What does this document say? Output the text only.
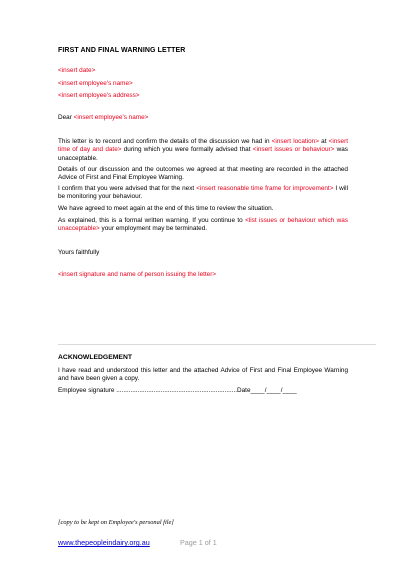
FIRST AND FINAL WARNING LETTER
<insert date>
<insert employee's name>
<insert employee's address>
Dear <insert employee's name>
This letter is to record and confirm the details of the discussion we had in <insert location> at <insert time of day and date> during which you were formally advised that <insert issues or behaviour> was unacceptable.
Details of our discussion and the outcomes we agreed at that meeting are recorded in the attached Advice of First and Final Employee Warning.
I confirm that you were advised that for the next <insert reasonable time frame for improvement> I will be monitoring your behaviour.
We have agreed to meet again at the end of this time to review the situation.
As explained, this is a formal written warning. If you continue to <list issues or behaviour which was unacceptable> your employment may be terminated.
Yours faithfully
<insert signature and name of person issuing the letter>
ACKNOWLEDGEMENT
I have read and understood this letter and the attached Advice of First and Final Employee Warning and have been given a copy.
Employee signature ....................................................................Date____/____/____
[copy to be kept on Employee's personal file]
www.thepeopleindairy.org.au	Page 1 of 1
